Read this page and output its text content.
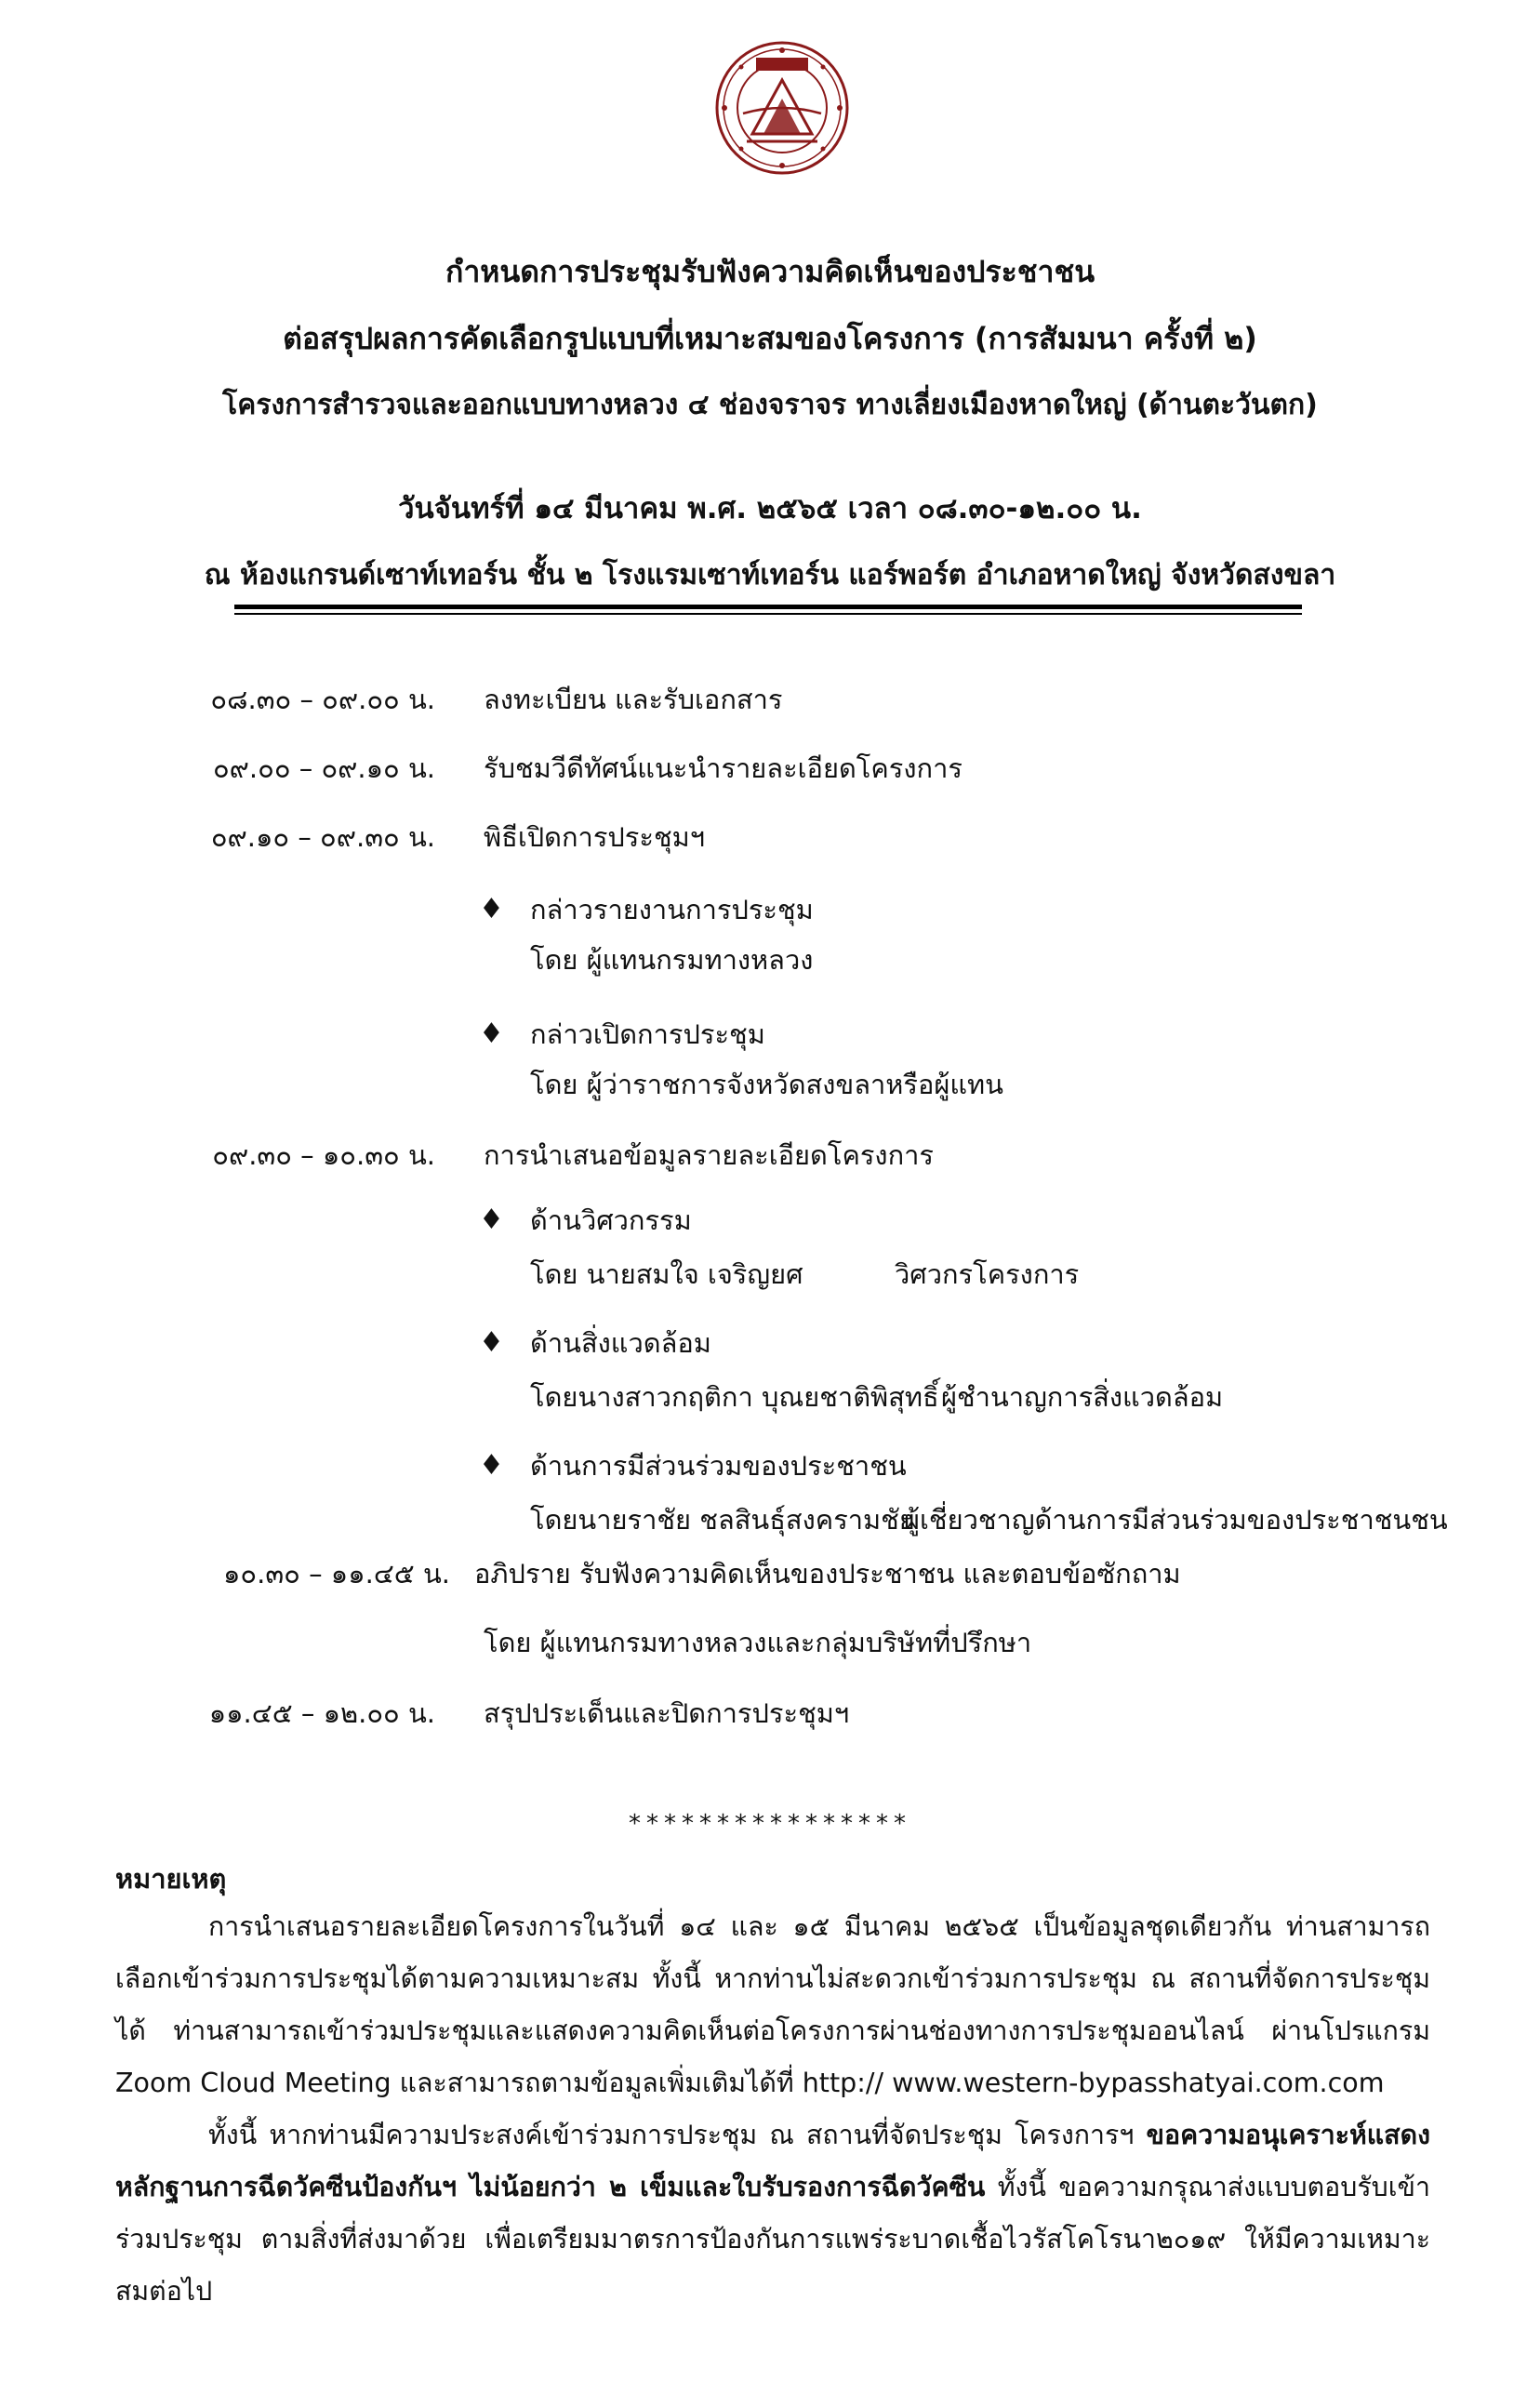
กำหนดการประชุมรับฟังความคิดเห็นของประชาชน
ต่อสรุปผลการคัดเลือกรูปแบบที่เหมาะสมของโครงการ (การสัมมนา ครั้งที่ ๒)
โครงการสำรวจและออกแบบทางหลวง ๔ ช่องจราจร ทางเลี่ยงเมืองหาดใหญ่ (ด้านตะวันตก)
วันจันทร์ที่ ๑๔ มีนาคม พ.ศ. ๒๕๖๕ เวลา ๐๘.๓๐-๑๒.๐๐ น.
ณ ห้องแกรนด์เซาท์เทอร์น ชั้น ๒ โรงแรมเซาท์เทอร์น แอร์พอร์ต อำเภอหาดใหญ่ จังหวัดสงขลา
๐๘.๓๐ – ๐๙.๐๐ น. ลงทะเบียน และรับเอกสาร
๐๙.๐๐ – ๐๙.๑๐ น. รับชมวีดีทัศน์แนะนำรายละเอียดโครงการ
๐๙.๑๐ – ๐๙.๓๐ น. พิธีเปิดการประชุมฯ
♦ กล่าวรายงานการประชุม
โดย ผู้แทนกรมทางหลวง
♦ กล่าวเปิดการประชุม
โดย ผู้ว่าราชการจังหวัดสงขลาหรือผู้แทน
๐๙.๓๐ – ๑๐.๓๐ น. การนำเสนอข้อมูลรายละเอียดโครงการ
♦ ด้านวิศวกรรม
โดย นายสมใจ เจริญยศ	วิศวกรโครงการ
♦ ด้านสิ่งแวดล้อม
โดยนางสาวกฤติกา บุณยชาติพิสุทธิ์ ผู้ชำนาญการสิ่งแวดล้อม
♦ ด้านการมีส่วนร่วมของประชาชน
โดยนายราชัย ชลสินธุ์สงครามชัย
ผู้เชี่ยวชาญด้านการมีส่วนร่วมของประชาชนชน
๑๐.๓๐ – ๑๑.๔๕ น. อภิปราย รับฟังความคิดเห็นของประชาชน และตอบข้อซักถาม
โดย ผู้แทนกรมทางหลวงและกลุ่มบริษัทที่ปรึกษา
๑๑.๔๕ – ๑๒.๐๐ น. สรุปประเด็นและปิดการประชุมฯ
****************
หมายเหตุ
การนำเสนอรายละเอียดโครงการในวันที่ ๑๔ และ ๑๕ มีนาคม ๒๕๖๕ เป็นข้อมูลชุดเดียวกัน ท่านสามารถเลือกเข้าร่วมการประชุมได้ตามความเหมาะสม ทั้งนี้ หากท่านไม่สะดวกเข้าร่วมการประชุม ณ สถานที่จัดการประชุมได้ ท่านสามารถเข้าร่วมประชุมและแสดงความคิดเห็นต่อโครงการผ่านช่องทางการประชุมออนไลน์ ผ่านโปรแกรม Zoom Cloud Meeting และสามารถตามข้อมูลเพิ่มเติมได้ที่ http:// www.western-bypasshatyai.com.com
ทั้งนี้ หากท่านมีความประสงค์เข้าร่วมการประชุม ณ สถานที่จัดประชุม โครงการฯ ขอความอนุเคราะห์แสดงหลักฐานการฉีดวัคซีนป้องกันฯ ไม่น้อยกว่า ๒ เข็มและใบรับรองการฉีดวัคซีน ทั้งนี้ ขอความกรุณาส่งแบบตอบรับเข้าร่วมประชุม ตามสิ่งที่ส่งมาด้วย เพื่อเตรียมมาตรการป้องกันการแพร่ระบาดเชื้อไวรัสโคโรนา๒๐๑๙ ให้มีความเหมาะสมต่อไป
